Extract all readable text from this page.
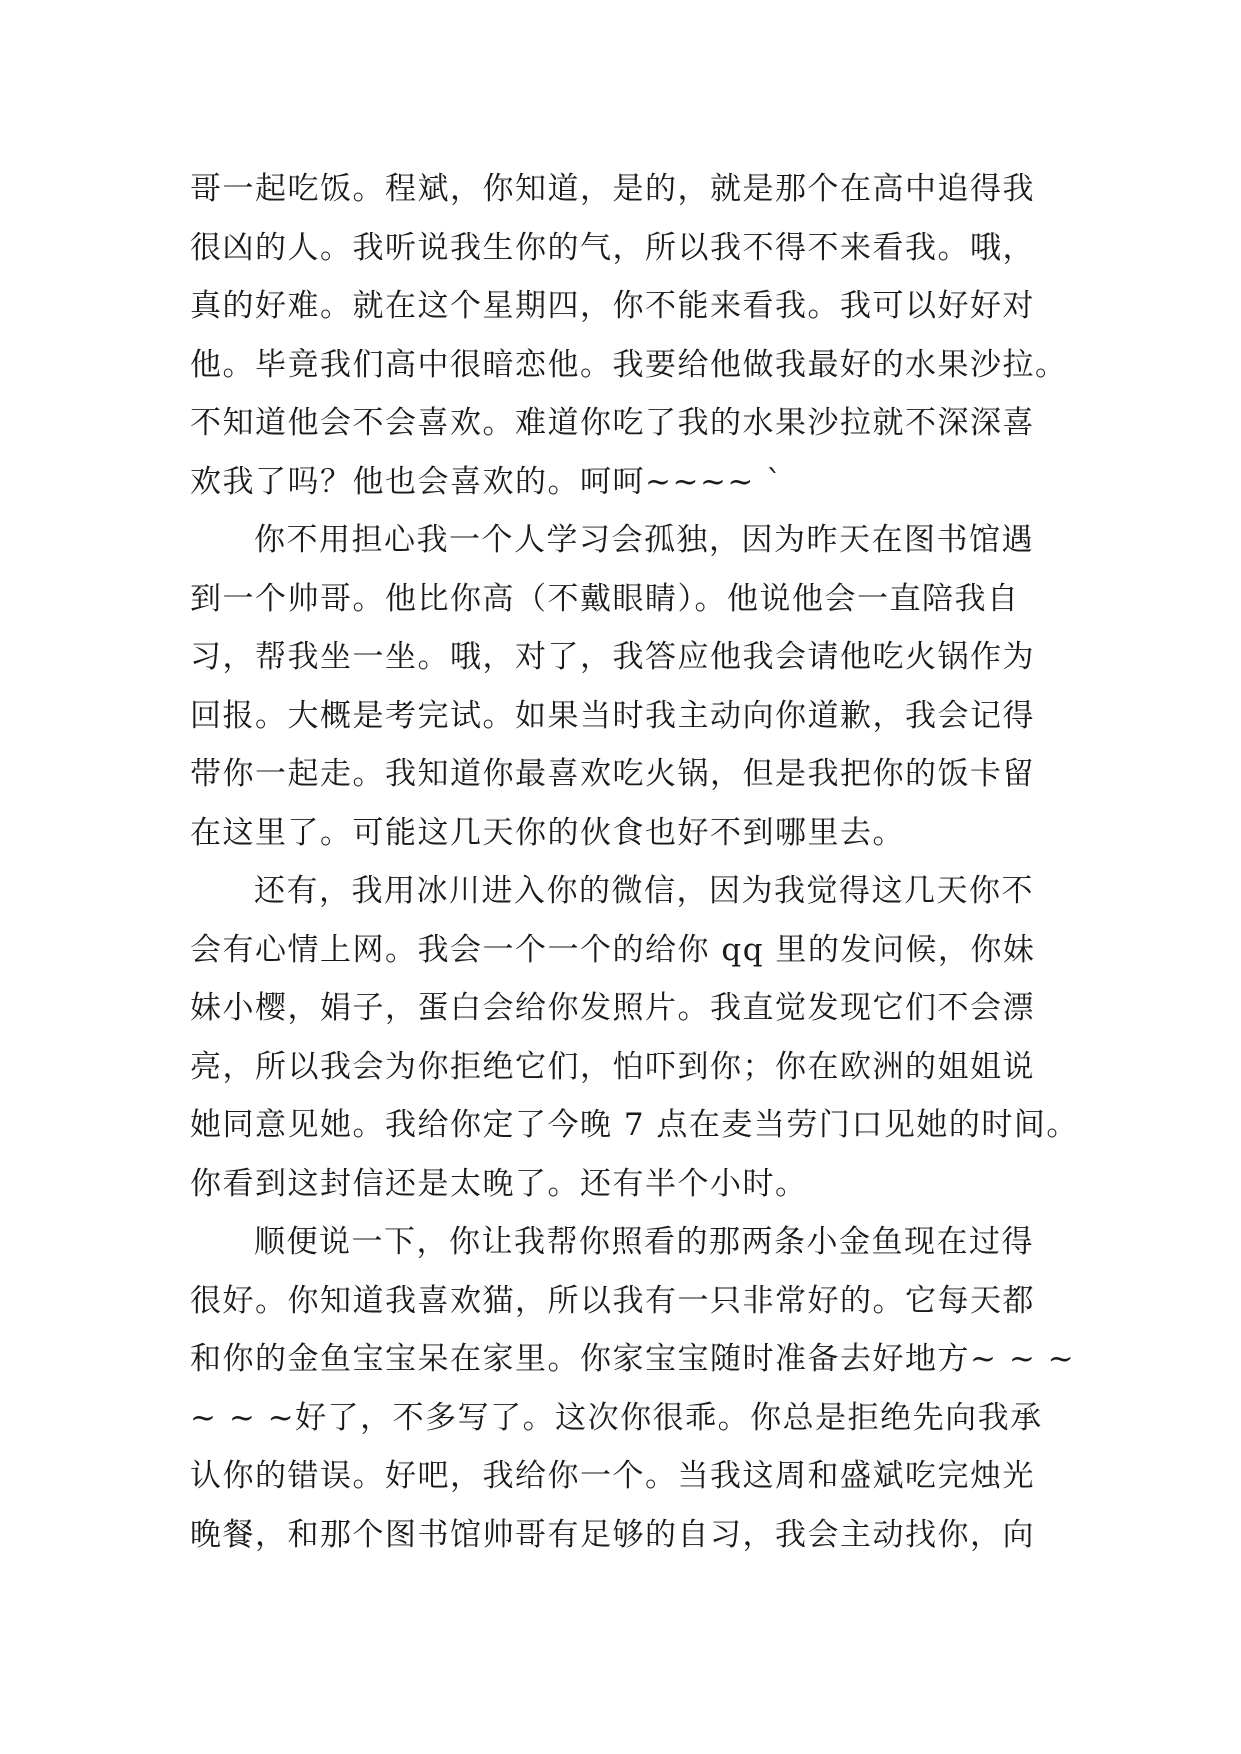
哥一起吃饭。程斌，你知道，是的，就是那个在高中追得我
很凶的人。我听说我生你的气，所以我不得不来看我。哦，
真的好难。就在这个星期四，你不能来看我。我可以好好对
他。毕竟我们高中很暗恋他。我要给他做我最好的水果沙拉。
不知道他会不会喜欢。难道你吃了我的水果沙拉就不深深喜
欢我了吗？他也会喜欢的。呵呵~~~~ `
你不用担心我一个人学习会孤独，因为昨天在图书馆遇
到一个帅哥。他比你高（不戴眼睛）。他说他会一直陪我自
习，帮我坐一坐。哦，对了，我答应他我会请他吃火锅作为
回报。大概是考完试。如果当时我主动向你道歉，我会记得
带你一起走。我知道你最喜欢吃火锅，但是我把你的饭卡留
在这里了。可能这几天你的伙食也好不到哪里去。
还有，我用冰川进入你的微信，因为我觉得这几天你不
会有心情上网。我会一个一个的给你 qq 里的发问候，你妹
妹小樱，娟子，蛋白会给你发照片。我直觉发现它们不会漂
亮，所以我会为你拒绝它们，怕吓到你；你在欧洲的姐姐说
她同意见她。我给你定了今晚 7 点在麦当劳门口见她的时间。
你看到这封信还是太晚了。还有半个小时。
顺便说一下，你让我帮你照看的那两条小金鱼现在过得
很好。你知道我喜欢猫，所以我有一只非常好的。它每天都
和你的金鱼宝宝呆在家里。你家宝宝随时准备去好地方~ ~ ~
~ ~ ~好了，不多写了。这次你很乖。你总是拒绝先向我承
认你的错误。好吧，我给你一个。当我这周和盛斌吃完烛光
晚餐，和那个图书馆帅哥有足够的自习，我会主动找你，向
